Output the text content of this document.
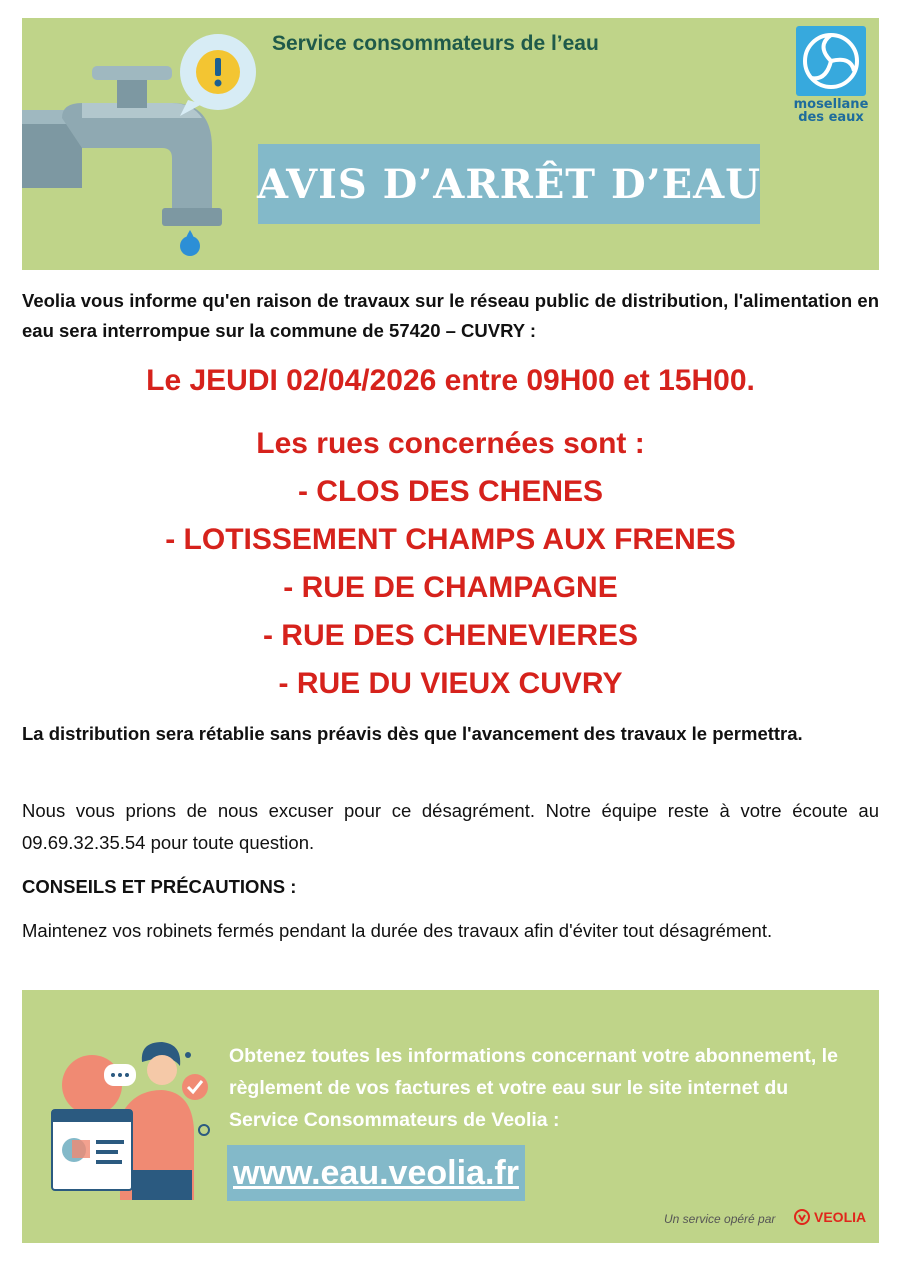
Service consommateurs de l’eau
mosellane
des eaux
AVIS D’ARRÊT D’EAU
Veolia vous informe qu'en raison de travaux sur le réseau public de distribution, l'alimentation en eau sera interrompue sur la commune de 57420 – CUVRY :
Le JEUDI 02/04/2026 entre 09H00 et 15H00.
Les rues concernées sont :
- CLOS DES CHENES
- LOTISSEMENT CHAMPS AUX FRENES
- RUE DE CHAMPAGNE
- RUE DES CHENEVIERES
- RUE DU VIEUX CUVRY
La distribution sera rétablie sans préavis dès que l'avancement des travaux le permettra.
Nous vous prions de nous excuser pour ce désagrément. Notre équipe reste à votre écoute au 09.69.32.35.54 pour toute question.
CONSEILS ET PRÉCAUTIONS :
Maintenez vos robinets fermés pendant la durée des travaux afin d'éviter tout désagrément.
Obtenez toutes les informations concernant votre abonnement, le règlement de vos factures et votre eau sur le site internet du Service Consommateurs de Veolia :
www.eau.veolia.fr
Un service opéré par	VEOLIA
